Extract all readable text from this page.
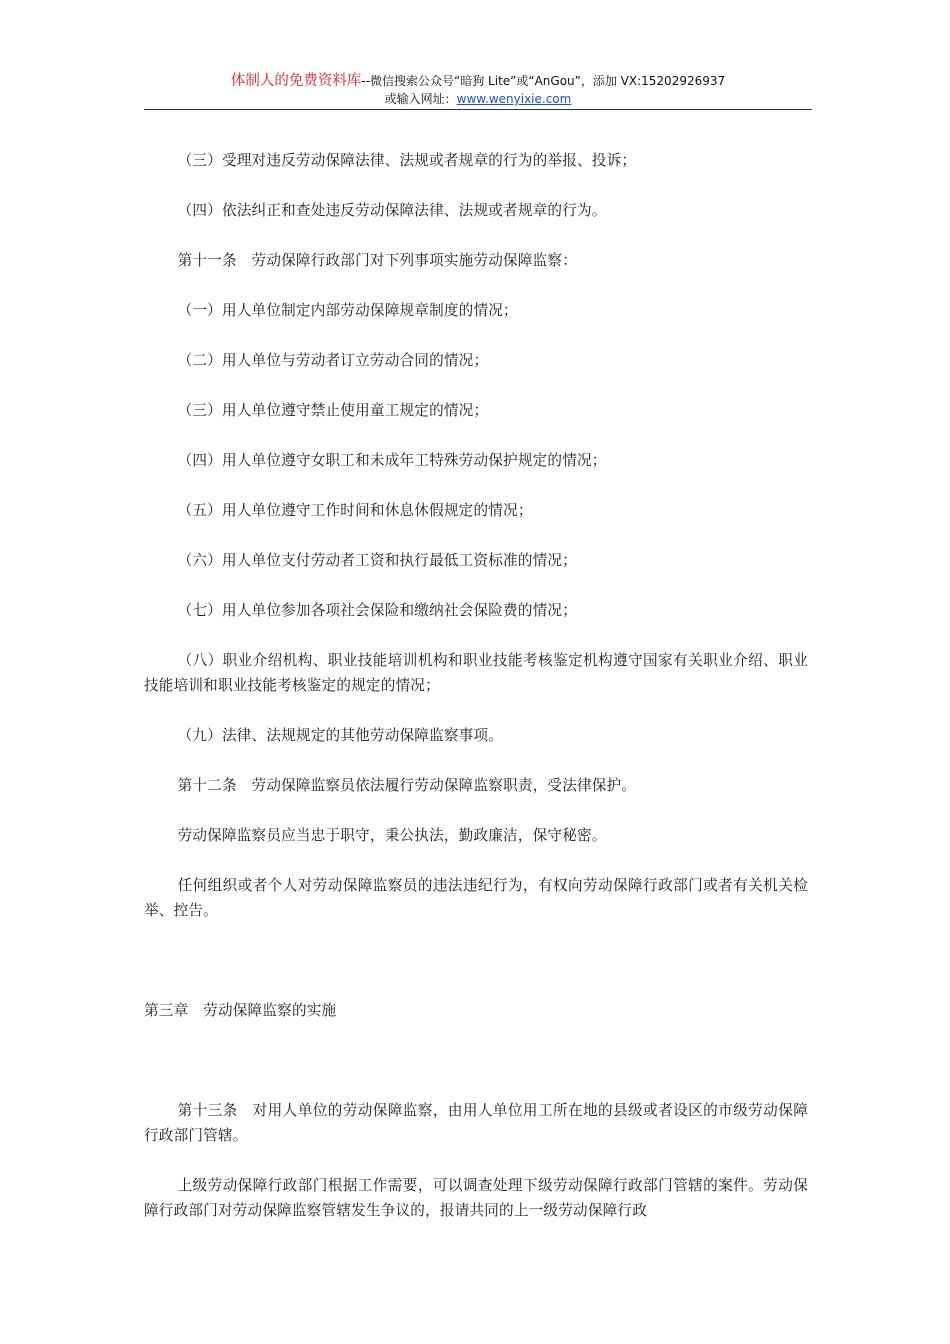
体制人的免费资料库--微信搜索公众号“暗狗 Lite”或“AnGou”，添加 VX:15202926937
或输入网址：www.wenyixie.com

（三）受理对违反劳动保障法律、法规或者规章的行为的举报、投诉；

（四）依法纠正和查处违反劳动保障法律、法规或者规章的行为。

第十一条　劳动保障行政部门对下列事项实施劳动保障监察：

（一）用人单位制定内部劳动保障规章制度的情况；

（二）用人单位与劳动者订立劳动合同的情况；

（三）用人单位遵守禁止使用童工规定的情况；

（四）用人单位遵守女职工和未成年工特殊劳动保护规定的情况；

（五）用人单位遵守工作时间和休息休假规定的情况；

（六）用人单位支付劳动者工资和执行最低工资标准的情况；

（七）用人单位参加各项社会保险和缴纳社会保险费的情况；

（八）职业介绍机构、职业技能培训机构和职业技能考核鉴定机构遵守国家有关职业介绍、职业技能培训和职业技能考核鉴定的规定的情况；

（九）法律、法规规定的其他劳动保障监察事项。

第十二条　劳动保障监察员依法履行劳动保障监察职责，受法律保护。

劳动保障监察员应当忠于职守，秉公执法，勤政廉洁，保守秘密。

任何组织或者个人对劳动保障监察员的违法违纪行为，有权向劳动保障行政部门或者有关机关检举、控告。

第三章　劳动保障监察的实施

第十三条　对用人单位的劳动保障监察，由用人单位用工所在地的县级或者设区的市级劳动保障行政部门管辖。

上级劳动保障行政部门根据工作需要，可以调查处理下级劳动保障行政部门管辖的案件。劳动保障行政部门对劳动保障监察管辖发生争议的，报请共同的上一级劳动保障行政
